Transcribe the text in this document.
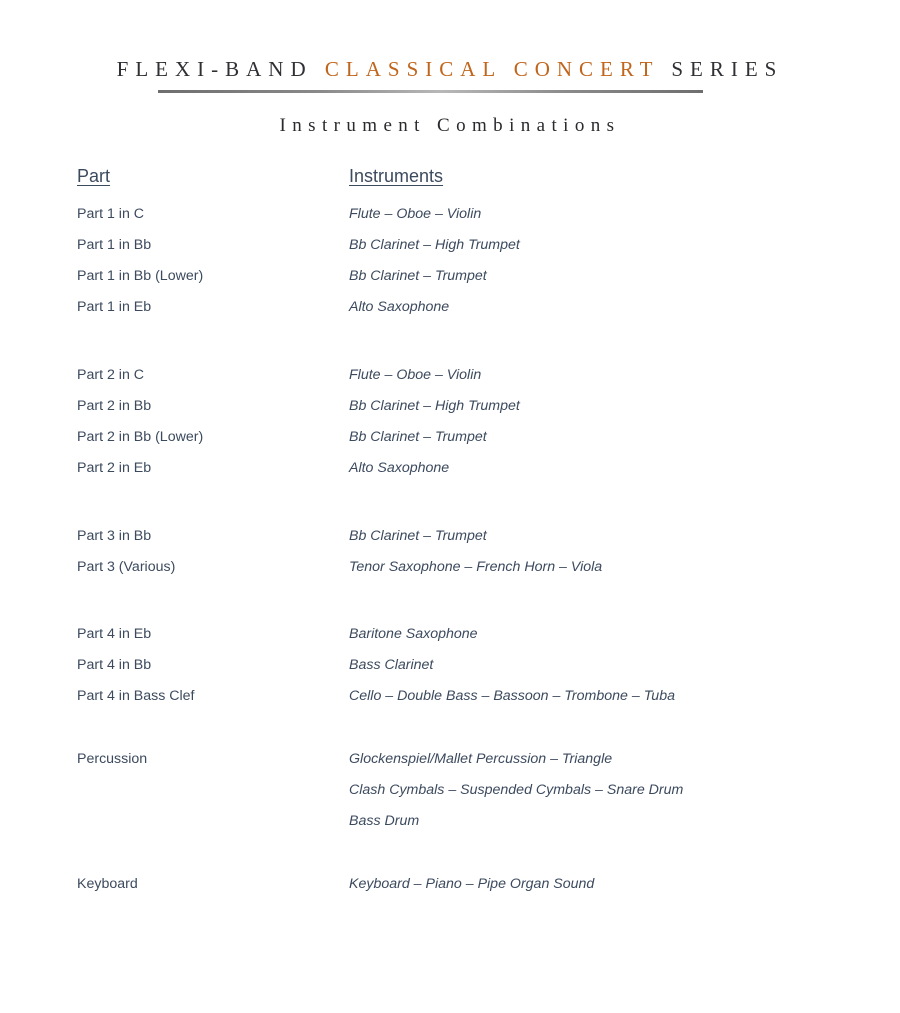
FLEXI-BAND CLASSICAL CONCERT SERIES
Instrument Combinations
Part	Instruments
Part 1 in C	Flute – Oboe – Violin
Part 1 in Bb	Bb Clarinet – High Trumpet
Part 1 in Bb (Lower)	Bb Clarinet – Trumpet
Part 1 in Eb	Alto Saxophone
Part 2 in C	Flute – Oboe – Violin
Part 2 in Bb	Bb Clarinet – High Trumpet
Part 2 in Bb (Lower)	Bb Clarinet – Trumpet
Part 2 in Eb	Alto Saxophone
Part 3 in Bb	Bb Clarinet – Trumpet
Part 3 (Various)	Tenor Saxophone – French Horn – Viola
Part 4 in Eb	Baritone Saxophone
Part 4 in Bb	Bass Clarinet
Part 4 in Bass Clef	Cello – Double Bass – Bassoon – Trombone – Tuba
Percussion	Glockenspiel/Mallet Percussion – Triangle
Clash Cymbals – Suspended Cymbals – Snare Drum
Bass Drum
Keyboard	Keyboard – Piano – Pipe Organ Sound
